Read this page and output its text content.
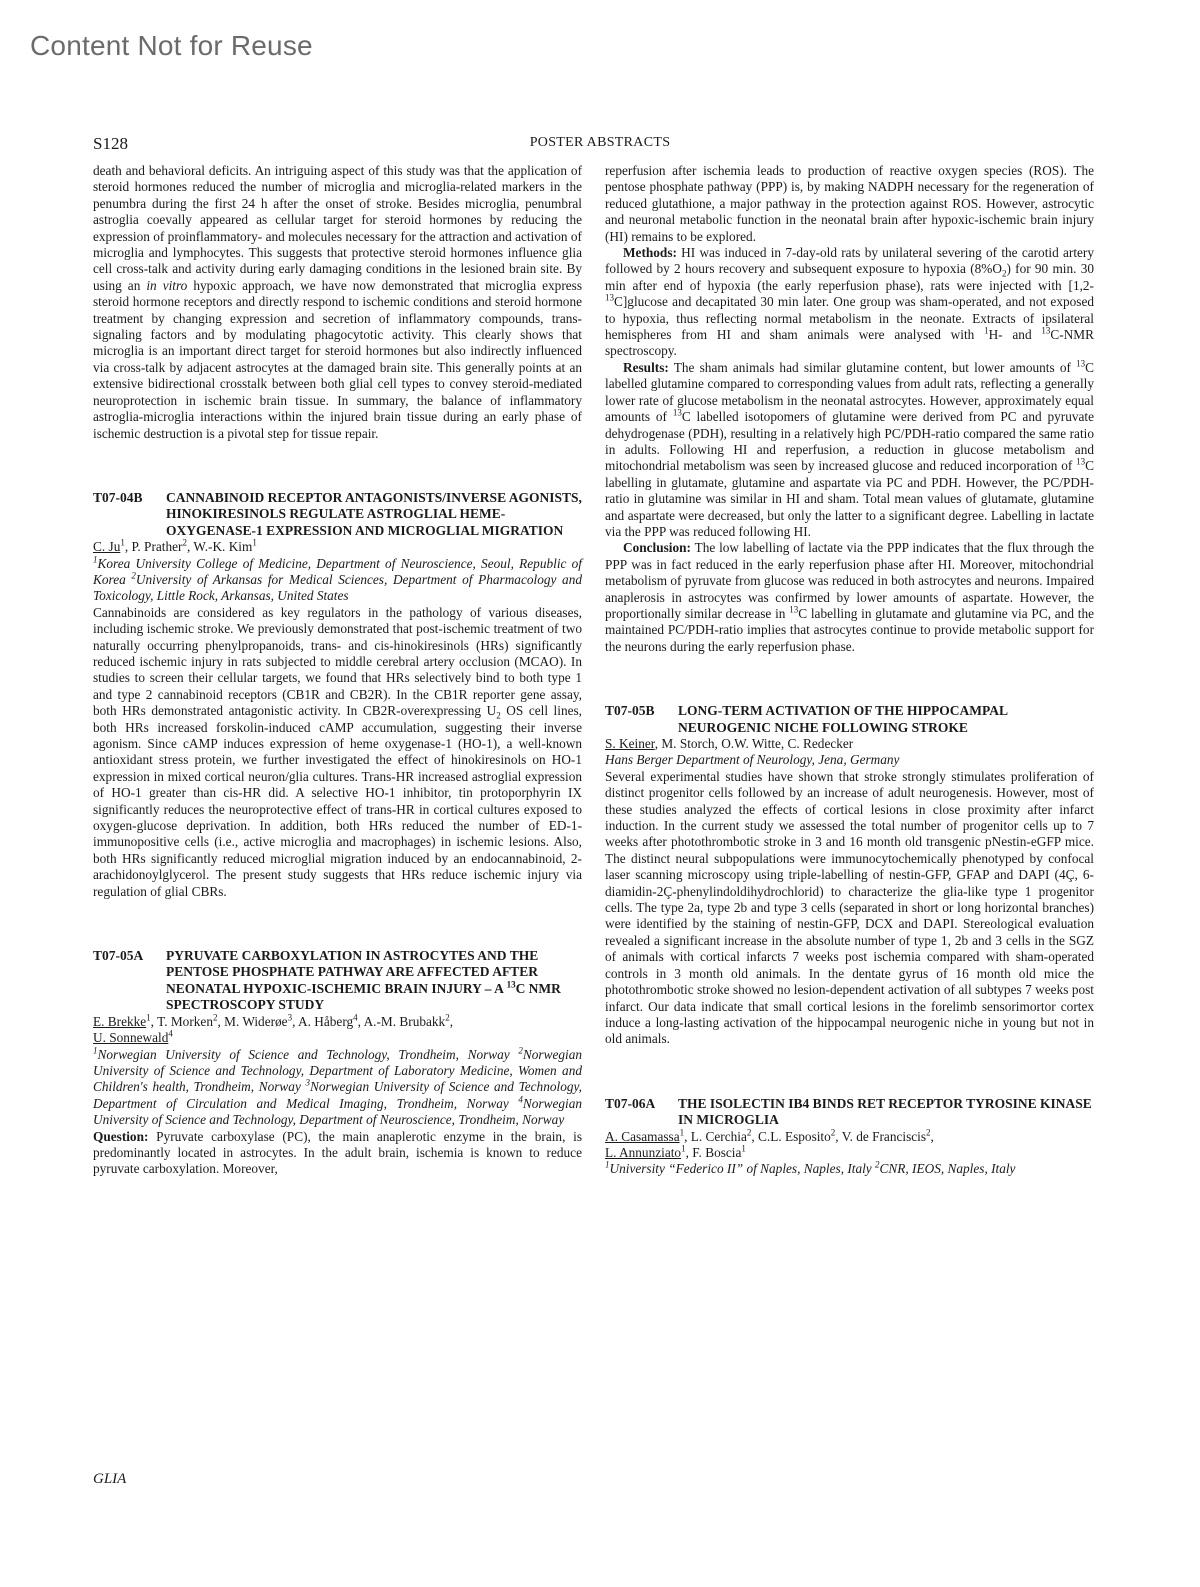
Content Not for Reuse
S128	POSTER ABSTRACTS

death and behavioral deficits. An intriguing aspect of this study was that the application of steroid hormones reduced the number of microglia and microglia-related markers in the penumbra during the first 24 h after the onset of stroke. Besides microglia, penumbral astroglia coevally appeared as cellular target for steroid hormones by reducing the expression of proinflammatory- and molecules necessary for the attraction and activation of microglia and lymphocytes. This suggests that protective steroid hormones influence glia cell cross-talk and activity during early damaging conditions in the lesioned brain site. By using an in vitro hypoxic approach, we have now demonstrated that microglia express steroid hormone receptors and directly respond to ischemic conditions and steroid hormone treatment by changing expression and secretion of inflammatory compounds, trans-signaling factors and by modulating phagocytotic activity. This clearly shows that microglia is an important direct target for steroid hormones but also indirectly influenced via cross-talk by adjacent astrocytes at the damaged brain site. This generally points at an extensive bidirectional crosstalk between both glial cell types to convey steroid-mediated neuroprotection in ischemic brain tissue. In summary, the balance of inflammatory astroglia-microglia interactions within the injured brain tissue during an early phase of ischemic destruction is a pivotal step for tissue repair.

T07-04B	CANNABINOID RECEPTOR ANTAGONISTS/INVERSE AGONISTS, HINOKIRESINOLS REGULATE ASTROGLIAL HEME-OXYGENASE-1 EXPRESSION AND MICROGLIAL MIGRATION

C. Ju$^1$, P. Prather$^2$, W.-K. Kim$^1$

$^1$Korea University College of Medicine, Department of Neuroscience, Seoul, Republic of Korea $^2$University of Arkansas for Medical Sciences, Department of Pharmacology and Toxicology, Little Rock, Arkansas, United States

Cannabinoids are considered as key regulators in the pathology of various diseases, including ischemic stroke. We previously demonstrated that post-ischemic treatment of two naturally occurring phenylpropanoids, trans- and cis-hinokiresinols (HRs) significantly reduced ischemic injury in rats subjected to middle cerebral artery occlusion (MCAO). In studies to screen their cellular targets, we found that HRs selectively bind to both type 1 and type 2 cannabinoid receptors (CB1R and CB2R). In the CB1R reporter gene assay, both HRs demonstrated antagonistic activity. In CB2R-overexpressing $U_2$ OS cell lines, both HRs increased forskolin-induced cAMP accumulation, suggesting their inverse agonism. Since cAMP induces expression of heme oxygenase-1 (HO-1), a well-known antioxidant stress protein, we further investigated the effect of hinokiresinols on HO-1 expression in mixed cortical neuron/glia cultures. Trans-HR increased astroglial expression of HO-1 greater than cis-HR did. A selective HO-1 inhibitor, tin protoporphyrin IX significantly reduces the neuroprotective effect of trans-HR in cortical cultures exposed to oxygen-glucose deprivation. In addition, both HRs reduced the number of ED-1-immunopositive cells (i.e., active microglia and macrophages) in ischemic lesions. Also, both HRs significantly reduced microglial migration induced by an endocannabinoid, 2-arachidonoylglycerol. The present study suggests that HRs reduce ischemic injury via regulation of glial CBRs.

T07-05A	PYRUVATE CARBOXYLATION IN ASTROCYTES AND THE PENTOSE PHOSPHATE PATHWAY ARE AFFECTED AFTER NEONATAL HYPOXIC-ISCHEMIC BRAIN INJURY – A $^{13}$C NMR SPECTROSCOPY STUDY

E. Brekke$^1$, T. Morken$^2$, M. Widerøe$^3$, A. Håberg$^4$, A.-M. Brubakk$^2$,
U. Sonnewald$^4$

$^1$Norwegian University of Science and Technology, Trondheim, Norway $^2$Norwegian University of Science and Technology, Department of Laboratory Medicine, Women and Children's health, Trondheim, Norway $^3$Norwegian University of Science and Technology, Department of Circulation and Medical Imaging, Trondheim, Norway $^4$Norwegian University of Science and Technology, Department of Neuroscience, Trondheim, Norway

Question: Pyruvate carboxylase (PC), the main anaplerotic enzyme in the brain, is predominantly located in astrocytes. In the adult brain, ischemia is known to reduce pyruvate carboxylation. Moreover,

reperfusion after ischemia leads to production of reactive oxygen species (ROS). The pentose phosphate pathway (PPP) is, by making NADPH necessary for the regeneration of reduced glutathione, a major pathway in the protection against ROS. However, astrocytic and neuronal metabolic function in the neonatal brain after hypoxic-ischemic brain injury (HI) remains to be explored.

Methods: HI was induced in 7-day-old rats by unilateral severing of the carotid artery followed by 2 hours recovery and subsequent exposure to hypoxia $(8\%O_2)$ for 90 min. 30 min after end of hypoxia (the early reperfusion phase), rats were injected with [1,2-$^{13}$C]glucose and decapitated 30 min later. One group was sham-operated, and not exposed to hypoxia, thus reflecting normal metabolism in the neonate. Extracts of ipsilateral hemispheres from HI and sham animals were analysed with $^1$H- and $^{13}$C-NMR spectroscopy.

Results: The sham animals had similar glutamine content, but lower amounts of $^{13}$C labelled glutamine compared to corresponding values from adult rats, reflecting a generally lower rate of glucose metabolism in the neonatal astrocytes. However, approximately equal amounts of $^{13}$C labelled isotopomers of glutamine were derived from PC and pyruvate dehydrogenase (PDH), resulting in a relatively high PC/PDH-ratio compared the same ratio in adults. Following HI and reperfusion, a reduction in glucose metabolism and mitochondrial metabolism was seen by increased glucose and reduced incorporation of $^{13}$C labelling in glutamate, glutamine and aspartate via PC and PDH. However, the PC/PDH-ratio in glutamine was similar in HI and sham. Total mean values of glutamate, glutamine and aspartate were decreased, but only the latter to a significant degree. Labelling in lactate via the PPP was reduced following HI.

Conclusion: The low labelling of lactate via the PPP indicates that the flux through the PPP was in fact reduced in the early reperfusion phase after HI. Moreover, mitochondrial metabolism of pyruvate from glucose was reduced in both astrocytes and neurons. Impaired anaplerosis in astrocytes was confirmed by lower amounts of aspartate. However, the proportionally similar decrease in $^{13}$C labelling in glutamate and glutamine via PC, and the maintained PC/PDH-ratio implies that astrocytes continue to provide metabolic support for the neurons during the early reperfusion phase.

T07-05B	LONG-TERM ACTIVATION OF THE HIPPOCAMPAL NEUROGENIC NICHE FOLLOWING STROKE

S. Keiner, M. Storch, O.W. Witte, C. Redecker

Hans Berger Department of Neurology, Jena, Germany

Several experimental studies have shown that stroke strongly stimulates proliferation of distinct progenitor cells followed by an increase of adult neurogenesis. However, most of these studies analyzed the effects of cortical lesions in close proximity after infarct induction. In the current study we assessed the total number of progenitor cells up to 7 weeks after photothrombotic stroke in 3 and 16 month old transgenic pNestin-eGFP mice. The distinct neural subpopulations were immunocytochemically phenotyped by confocal laser scanning microscopy using triple-labelling of nestin-GFP, GFAP and DAPI (4Ç, 6-diamidin-2Ç-phenylindoldihydrochlorid) to characterize the glia-like type 1 progenitor cells. The type 2a, type 2b and type 3 cells (separated in short or long horizontal branches) were identified by the staining of nestin-GFP, DCX and DAPI. Stereological evaluation revealed a significant increase in the absolute number of type 1, 2b and 3 cells in the SGZ of animals with cortical infarcts 7 weeks post ischemia compared with sham-operated controls in 3 month old animals. In the dentate gyrus of 16 month old mice the photothrombotic stroke showed no lesion-dependent activation of all subtypes 7 weeks post infarct. Our data indicate that small cortical lesions in the forelimb sensorimortor cortex induce a long-lasting activation of the hippocampal neurogenic niche in young but not in old animals.

T07-06A	THE ISOLECTIN IB4 BINDS RET RECEPTOR TYROSINE KINASE IN MICROGLIA

A. Casamassa$^1$, L. Cerchia$^2$, C.L. Esposito$^2$, V. de Franciscis$^2$,
L. Annunziato$^1$, F. Boscia$^1$

$^1$University “Federico II” of Naples, Naples, Italy $^2$CNR, IEOS, Naples, Italy

GLIA
